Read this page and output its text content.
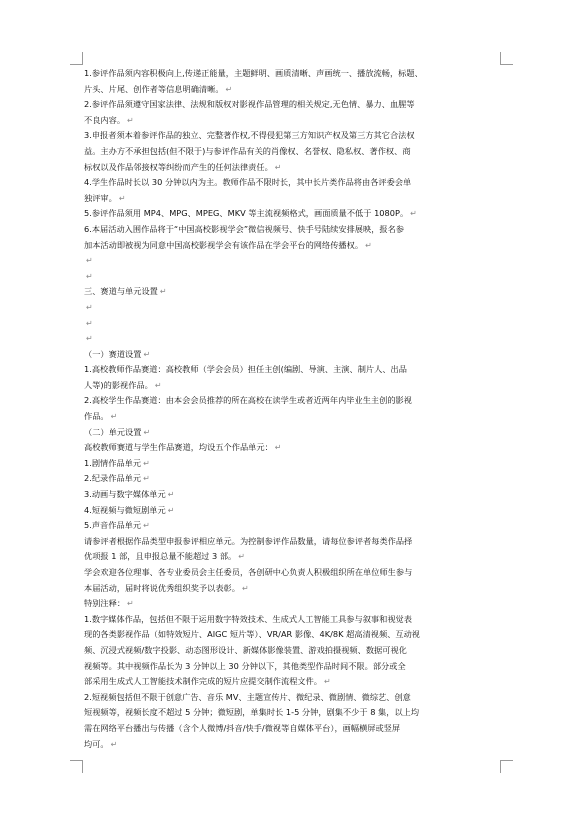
1.参评作品须内容积极向上,传递正能量，主题鲜明、画质清晰、声画统一、播放流畅，标题、
片头、片尾、创作者等信息明确清晰。 ↵
2.参评作品须遵守国家法律、法规和版权对影视作品管理的相关规定,无色情、暴力、血腥等
不良内容。 ↵
3.申报者须本着参评作品的独立、完整著作权,不得侵犯第三方知识产权及第三方其它合法权
益。主办方不承担包括(但不限于)与参评作品有关的肖像权、名誉权、隐私权、著作权、商
标权以及作品邻接权等纠纷而产生的任何法律责任。 ↵
4.学生作品时长以 30 分钟以内为主。教师作品不限时长，其中长片类作品将由各评委会单
独评审。 ↵
5.参评作品须用 MP4、MPG、MPEG、MKV 等主流视频格式，画面质量不低于 1080P。 ↵
6.本届活动入围作品将于“中国高校影视学会”微信视频号、快手号陆续安排展映，报名参
加本活动即被视为同意中国高校影视学会有该作品在学会平台的网络传播权。 ↵
↵
↵
三、赛道与单元设置 ↵
↵
↵
↵
（一）赛道设置 ↵
1.高校教师作品赛道：高校教师（学会会员）担任主创(编剧、导演、主演、制片人、出品
人等)的影视作品。 ↵
2.高校学生作品赛道：由本会会员推荐的所在高校在读学生或者近两年内毕业生主创的影视
作品。 ↵
（二）单元设置 ↵
高校教师赛道与学生作品赛道，均设五个作品单元： ↵
1.剧情作品单元 ↵
2.纪录作品单元 ↵
3.动画与数字媒体单元 ↵
4.短视频与微短剧单元 ↵
5.声音作品单元 ↵
请参评者根据作品类型申报参评相应单元。为控制参评作品数量，请每位参评者每类作品择
优项报 1 部，且申报总量不能超过 3 部。 ↵
学会欢迎各位理事、各专业委员会主任委员，各创研中心负责人积极组织所在单位师生参与
本届活动，届时将说优秀组织奖予以表彰。 ↵
特别注释： ↵
1.数字媒体作品，包括但不限于运用数字特效技术、生成式人工智能工具参与叙事和视觉表
现的各类影视作品（如特效短片、AIGC 短片等）、VR/AR 影像、4K/8K 超高清视频、互动视
频、沉浸式视频/数字投影、动态图形设计、新媒体影像装置、游戏拍摄视频、数据可视化
视频等。其中视频作品长为 3 分钟以上 30 分钟以下，其他类型作品时间不限。部分或全
部采用生成式人工智能技术制作完成的短片应提交制作流程文件。 ↵
2.短视频包括但不限于创意广告、音乐 MV、主题宣传片、微纪录、微剧情、微综艺、创意
短视频等，视频长度不超过 5 分钟；微短剧，单集时长 1-5 分钟，剧集不少于 8 集，以上均
需在网络平台播出与传播（含个人微博/抖音/快手/微视等自媒体平台），画幅横屏或竖屏
均可。 ↵
